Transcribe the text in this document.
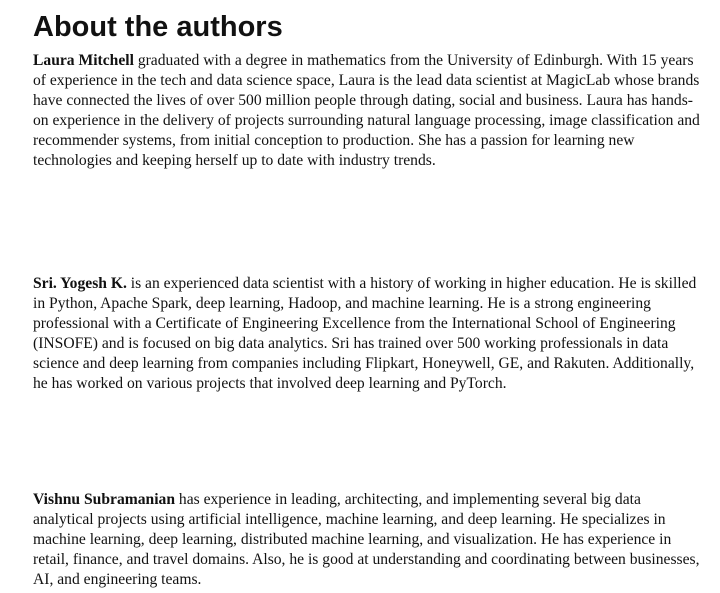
About the authors

Laura Mitchell graduated with a degree in mathematics from the University of Edinburgh. With 15 years of experience in the tech and data science space, Laura is the lead data scientist at MagicLab whose brands have connected the lives of over 500 million people through dating, social and business. Laura has hands-on experience in the delivery of projects surrounding natural language processing, image classification and recommender systems, from initial conception to production. She has a passion for learning new technologies and keeping herself up to date with industry trends.

Sri. Yogesh K. is an experienced data scientist with a history of working in higher education. He is skilled in Python, Apache Spark, deep learning, Hadoop, and machine learning. He is a strong engineering professional with a Certificate of Engineering Excellence from the International School of Engineering (INSOFE) and is focused on big data analytics. Sri has trained over 500 working professionals in data science and deep learning from companies including Flipkart, Honeywell, GE, and Rakuten. Additionally, he has worked on various projects that involved deep learning and PyTorch.

Vishnu Subramanian has experience in leading, architecting, and implementing several big data analytical projects using artificial intelligence, machine learning, and deep learning. He specializes in machine learning, deep learning, distributed machine learning, and visualization. He has experience in retail, finance, and travel domains. Also, he is good at understanding and coordinating between businesses, AI, and engineering teams.
